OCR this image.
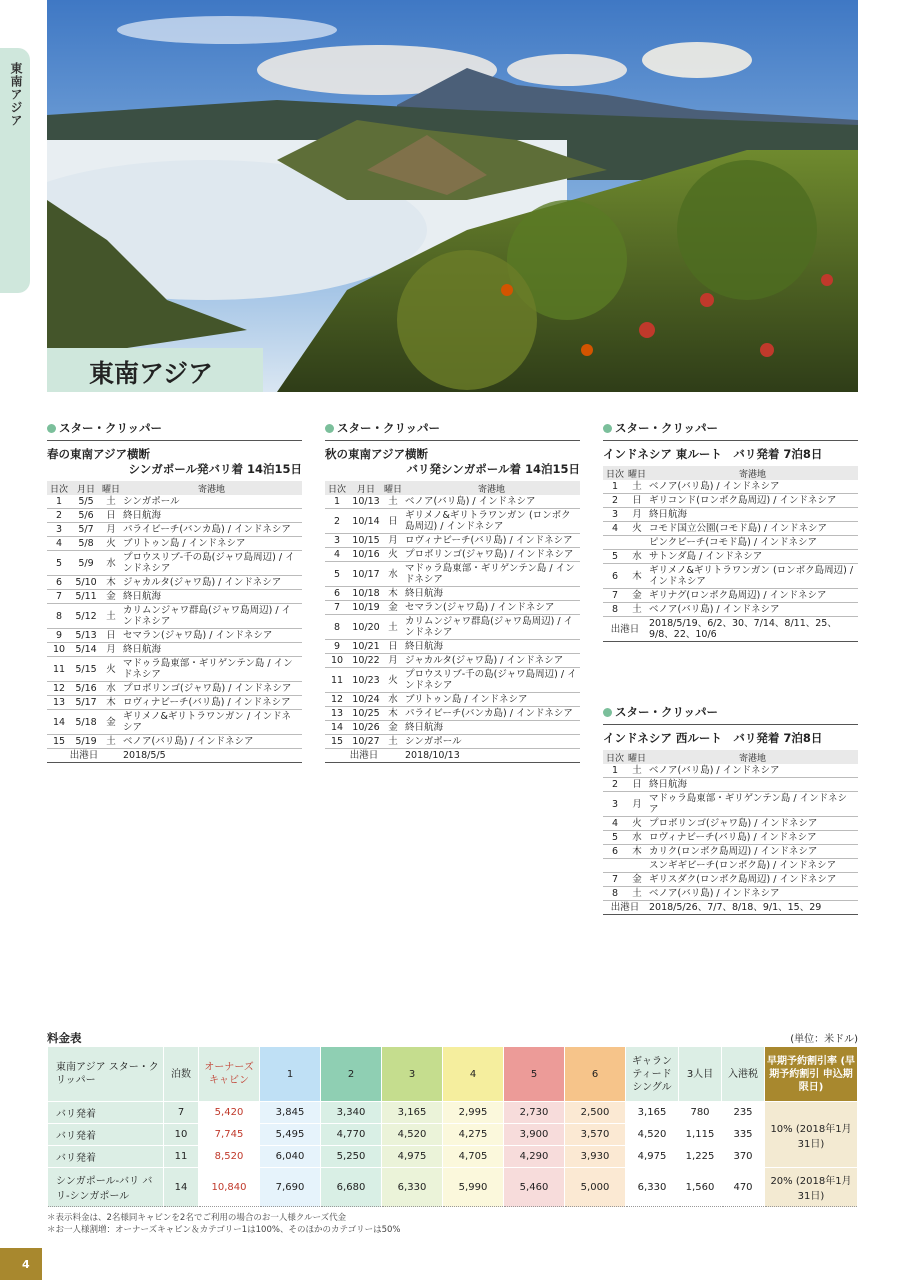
東南アジア
東南アジア
スター・クリッパー
春の東南アジア横断
シンガポール発バリ着 14泊15日
日次	月日	曜日	寄港地
1	5/5	土	シンガポール
2	5/6	日	終日航海
3	5/7	月	パライビーチ(バンカ島) / インドネシア
4	5/8	火	ブリトゥン島 / インドネシア
5	5/9	水	プロウスリブ-千の島(ジャワ島周辺) / インドネシア
6	5/10	木	ジャカルタ(ジャワ島) / インドネシア
7	5/11	金	終日航海
8	5/12	土	カリムンジャワ群島(ジャワ島周辺) / インドネシア
9	5/13	日	セマラン(ジャワ島) / インドネシア
10	5/14	月	終日航海
11	5/15	火	マドゥラ島東部・ギリゲンテン島 / インドネシア
12	5/16	水	プロボリンゴ(ジャワ島) / インドネシア
13	5/17	木	ロヴィナビーチ(バリ島) / インドネシア
14	5/18	金	ギリメノ&ギリトラワンガン / インドネシア
15	5/19	土	ベノア(バリ島) / インドネシア
出港日			2018/5/5
スター・クリッパー
秋の東南アジア横断
バリ発シンガポール着 14泊15日
日次	月日	曜日	寄港地
1	10/13	土	ベノア(バリ島) / インドネシア
2	10/14	日	ギリメノ&ギリトラワンガン (ロンボク島周辺) / インドネシア
3	10/15	月	ロヴィナビーチ(バリ島) / インドネシア
4	10/16	火	プロボリンゴ(ジャワ島) / インドネシア
5	10/17	水	マドゥラ島東部・ギリゲンテン島 / インドネシア
6	10/18	木	終日航海
7	10/19	金	セマラン(ジャワ島) / インドネシア
8	10/20	土	カリムンジャワ群島(ジャワ島周辺) / インドネシア
9	10/21	日	終日航海
10	10/22	月	ジャカルタ(ジャワ島) / インドネシア
11	10/23	火	プロウスリブ-千の島(ジャワ島周辺) / インドネシア
12	10/24	水	ブリトゥン島 / インドネシア
13	10/25	木	パライビーチ(バンカ島) / インドネシア
14	10/26	金	終日航海
15	10/27	土	シンガポール
出港日			2018/10/13
スター・クリッパー
インドネシア 東ルート　バリ発着 7泊8日
日次	曜日	寄港地
1	土	ベノア(バリ島) / インドネシア
2	日	ギリコンド(ロンボク島周辺) / インドネシア
3	月	終日航海
4	火	コモド国立公園(コモド島) / インドネシア
		ピンクビーチ(コモド島) / インドネシア
5	水	サトンダ島 / インドネシア
6	木	ギリメノ&ギリトラワンガン (ロンボク島周辺) / インドネシア
7	金	ギリナグ(ロンボク島周辺) / インドネシア
8	土	ベノア(バリ島) / インドネシア
出港日		2018/5/19、6/2、30、7/14、8/11、25、9/8、22、10/6
スター・クリッパー
インドネシア 西ルート　バリ発着 7泊8日
日次	曜日	寄港地
1	土	ベノア(バリ島) / インドネシア
2	日	終日航海
3	月	マドゥラ島東部・ギリゲンテン島 / インドネシア
4	火	プロボリンゴ(ジャワ島) / インドネシア
5	水	ロヴィナビーチ(バリ島) / インドネシア
6	木	カリク(ロンボク島周辺) / インドネシア
		スンギギビーチ(ロンボク島) / インドネシア
7	金	ギリスダク(ロンボク島周辺) / インドネシア
8	土	ベノア(バリ島) / インドネシア
出港日		2018/5/26、7/7、8/18、9/1、15、29
料金表	(単位：米ドル)
東南アジア スター・クリッパー	泊数	オーナーズ キャビン	1	2	3	4	5	6	ギャラン ティード シングル	3人目	入港税	早期予約割引率 (早期予約割引 申込期限日)
バリ発着	7	5,420	3,845	3,340	3,165	2,995	2,730	2,500	3,165	780	235	10% (2018年1月31日)
バリ発着	10	7,745	5,495	4,770	4,520	4,275	3,900	3,570	4,520	1,115	335	
バリ発着	11	8,520	6,040	5,250	4,975	4,705	4,290	3,930	4,975	1,225	370	
シンガポール-バリ バリ-シンガポール	14	10,840	7,690	6,680	6,330	5,990	5,460	5,000	6,330	1,560	470	20% (2018年1月31日)
＊表示料金は、2名様同キャビンを2名でご利用の場合のお一人様クルーズ代金
＊お一人様割増：オーナーズキャビン＆カテゴリー1は100%、そのほかのカテゴリーは50%
4
